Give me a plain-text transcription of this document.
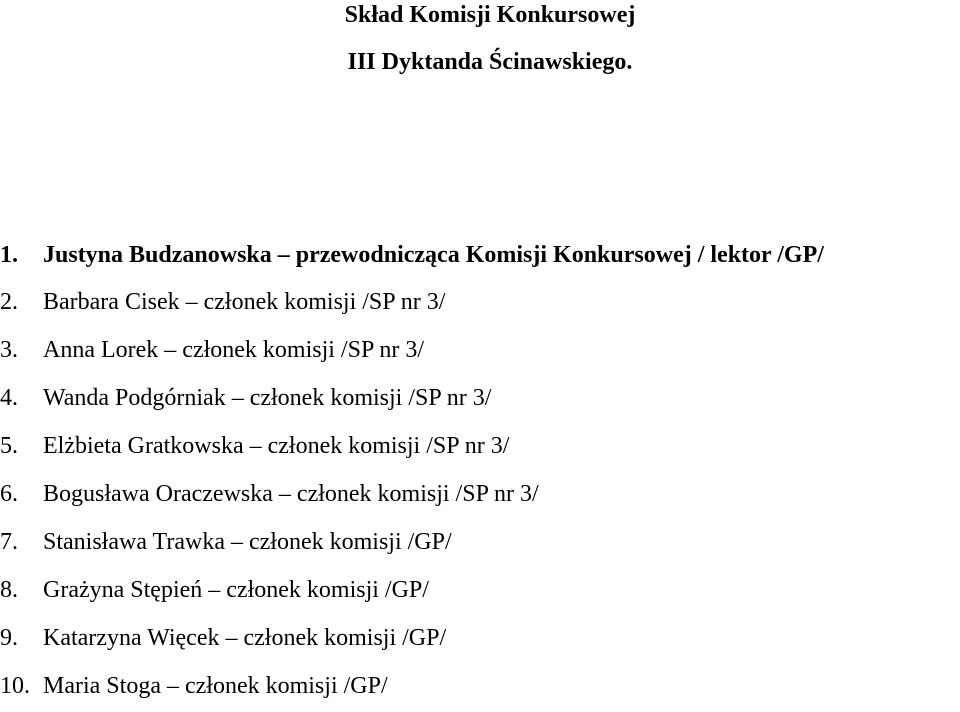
Skład Komisji Konkursowej
III Dyktanda Ścinawskiego.
1. Justyna Budzanowska – przewodnicząca Komisji Konkursowej / lektor /GP/
2. Barbara Cisek – członek komisji /SP nr 3/
3. Anna Lorek – członek komisji /SP nr 3/
4. Wanda Podgórniak – członek komisji /SP nr 3/
5. Elżbieta Gratkowska – członek komisji /SP nr 3/
6. Bogusława Oraczewska – członek komisji /SP nr 3/
7. Stanisława Trawka – członek komisji /GP/
8. Grażyna Stępień – członek komisji /GP/
9. Katarzyna Więcek – członek komisji /GP/
10. Maria Stoga – członek komisji /GP/
